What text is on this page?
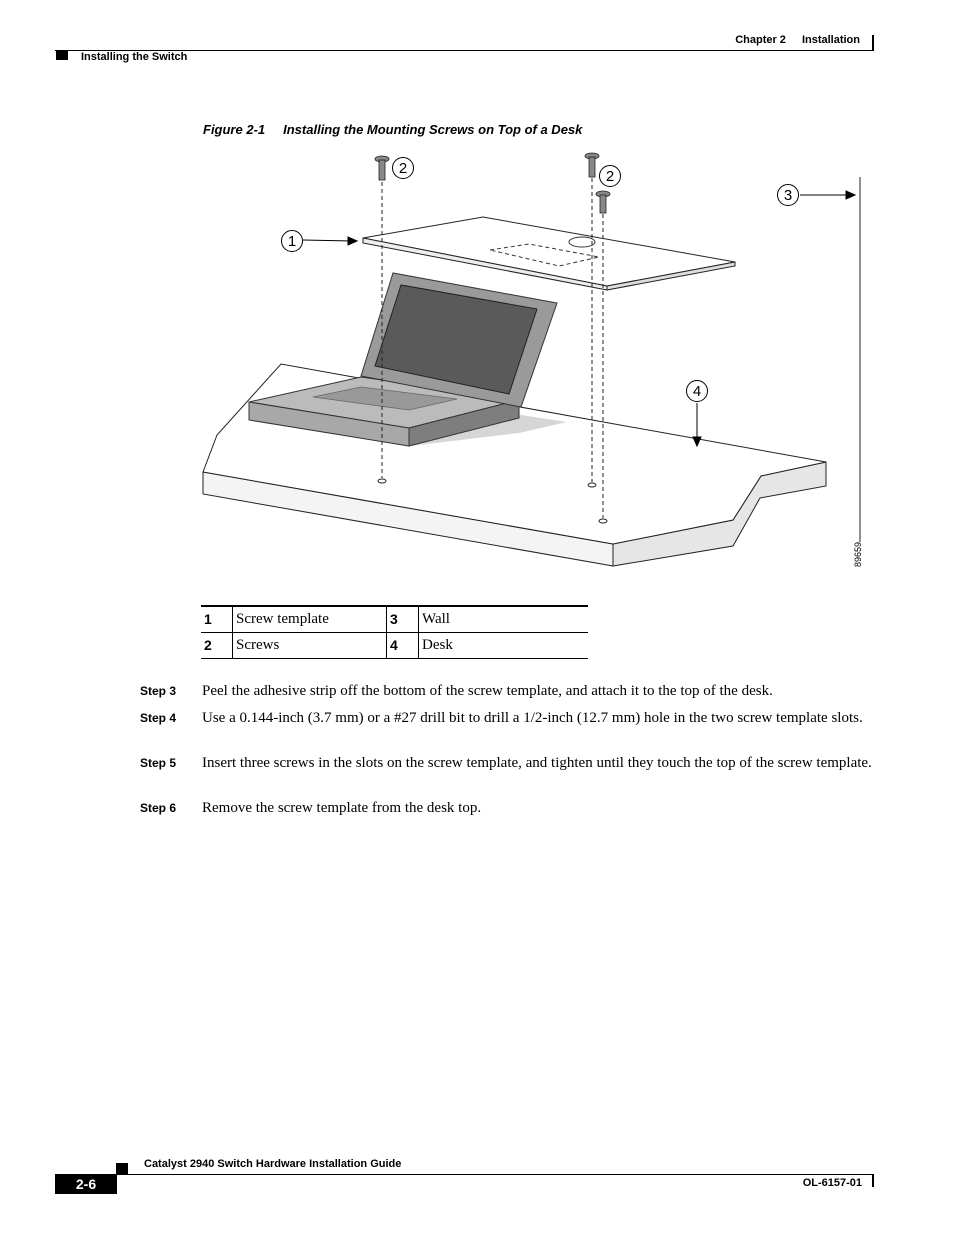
Chapter 2 Installation
Installing the Switch
Figure 2-1 Installing the Mounting Screws on Top of a Desk
1
2	2
3
4
89659
1	Screw template	3	Wall
2	Screws	4	Desk
Step 3	Peel the adhesive strip off the bottom of the screw template, and attach it to the top of the desk.
Step 4	Use a 0.144-inch (3.7 mm) or a #27 drill bit to drill a 1/2-inch (12.7 mm) hole in the two screw template slots.
Step 5	Insert three screws in the slots on the screw template, and tighten until they touch the top of the screw template.
Step 6	Remove the screw template from the desk top.
Catalyst 2940 Switch Hardware Installation Guide
2-6	OL-6157-01
